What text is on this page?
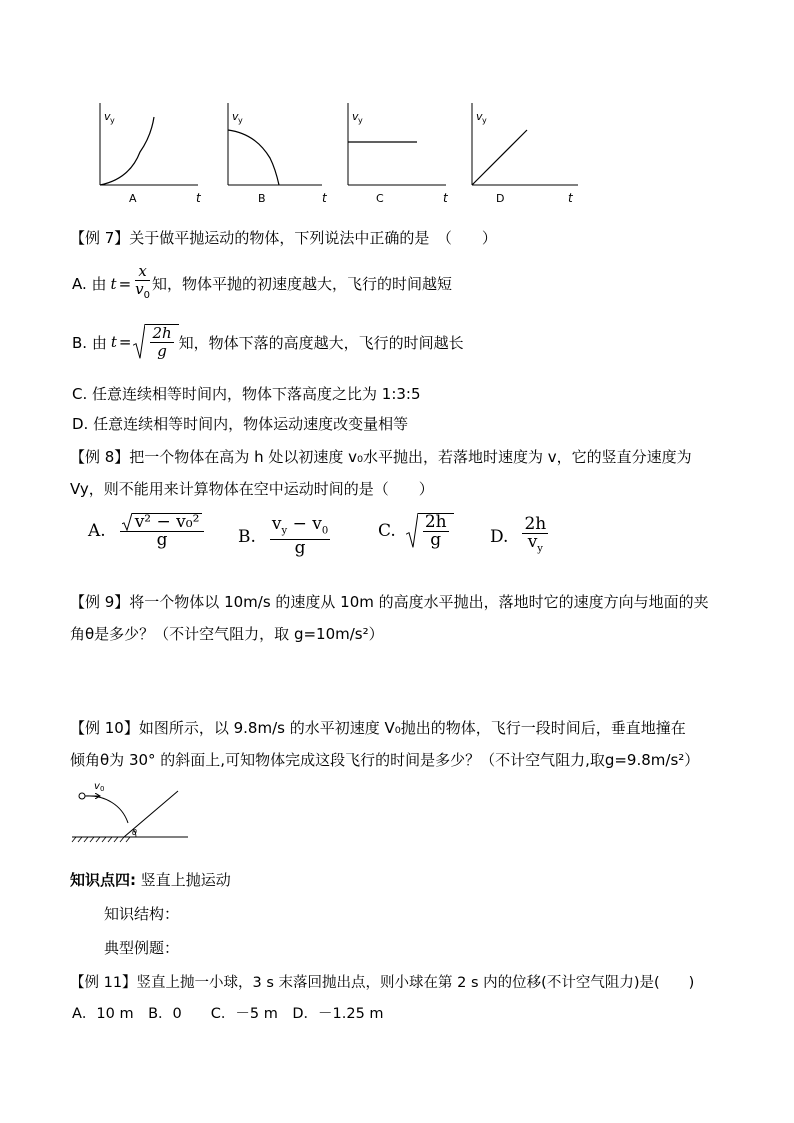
v y
t
A
v y
t
B
v y
t
C
v y
t
D
【例 7】关于做平抛运动的物体，下列说法中正确的是　（　　）
A. 由 $t = \frac{x}{v_0}$ 知，物体平抛的初速度越大，飞行的时间越短
B. 由 $t = \frac{2h}{g}$ 知，物体下落的高度越大，飞行的时间越长
C. 任意连续相等时间内，物体下落高度之比为 1:3:5
D. 任意连续相等时间内，物体运动速度改变量相等
【例 8】把一个物体在高为 h 处以初速度 v₀水平抛出，若落地时速度为 v，它的竖直分速度为
Vy，则不能用来计算物体在空中运动时间的是（　　）
A. $\frac{\text{v² − v₀²}}{g} B$. $\frac{v_y - v_0}{g}$	C. $\frac{2h}{g} D$. $\frac{2h}{v_y}$
【例 9】将一个物体以 10m/s 的速度从 10m 的高度水平抛出，落地时它的速度方向与地面的夹
角θ是多少？（不计空气阻力，取 g=10m/s²）
【例 10】如图所示，以 9.8m/s 的水平初速度 V₀抛出的物体，飞行一段时间后，垂直地撞在
倾角θ为 30° 的斜面上,可知物体完成这段飞行的时间是多少？（不计空气阻力,取g=9.8m/s²）
v 0
θ
知识点四: 竖直上抛运动
知识结构：
典型例题：
【例 11】竖直上抛一小球，3 s 末落回抛出点，则小球在第 2 s 内的位移(不计空气阻力)是(　　)
A．10 m　B．0　　C．－5 m　D．－1.25 m
